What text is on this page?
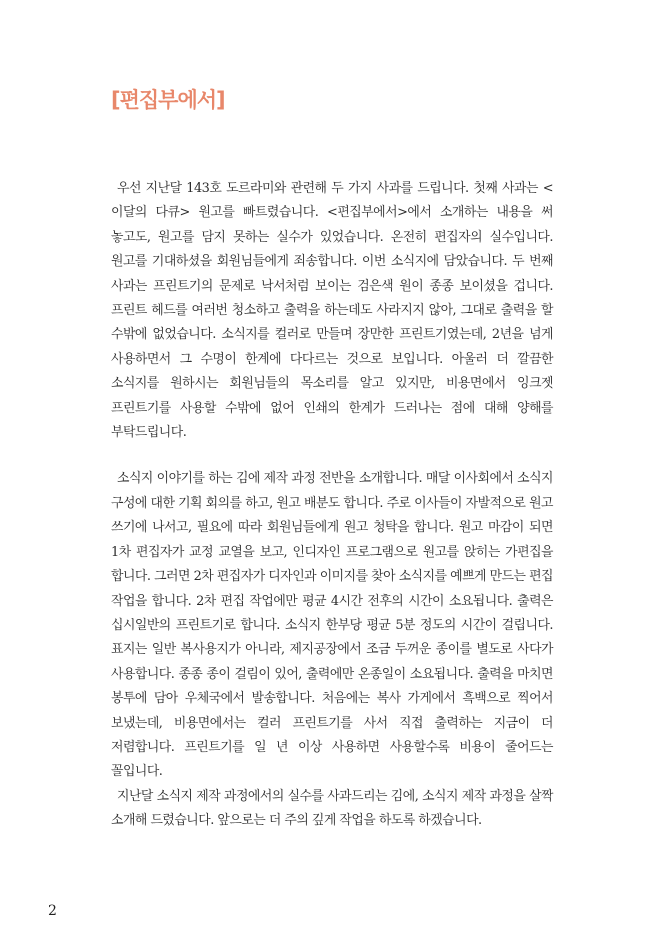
[편집부에서]

우선 지난달 143호 도르라미와 관련해 두 가지 사과를 드립니다. 첫째 사과는 <이달의 다큐> 원고를 빠트렸습니다. <편집부에서>에서 소개하는 내용을 써 놓고도, 원고를 담지 못하는 실수가 있었습니다. 온전히 편집자의 실수입니다. 원고를 기대하셨을 회원님들에게 죄송합니다. 이번 소식지에 담았습니다. 두 번째 사과는 프린트기의 문제로 낙서처럼 보이는 검은색 원이 종종 보이셨을 겁니다. 프린트 헤드를 여러번 청소하고 출력을 하는데도 사라지지 않아, 그대로 출력을 할 수밖에 없었습니다. 소식지를 컬러로 만들며 장만한 프린트기였는데, 2년을 넘게 사용하면서 그 수명이 한계에 다다르는 것으로 보입니다. 아울러 더 깔끔한 소식지를 원하시는 회원님들의 목소리를 알고 있지만, 비용면에서 잉크젯 프린트기를 사용할 수밖에 없어 인쇄의 한계가 드러나는 점에 대해 양해를 부탁드립니다.

소식지 이야기를 하는 김에 제작 과정 전반을 소개합니다. 매달 이사회에서 소식지 구성에 대한 기획 회의를 하고, 원고 배분도 합니다. 주로 이사들이 자발적으로 원고 쓰기에 나서고, 필요에 따라 회원님들에게 원고 청탁을 합니다. 원고 마감이 되면 1차 편집자가 교정 교열을 보고, 인디자인 프로그램으로 원고를 앉히는 가편집을 합니다. 그러면 2차 편집자가 디자인과 이미지를 찾아 소식지를 예쁘게 만드는 편집 작업을 합니다. 2차 편집 작업에만 평균 4시간 전후의 시간이 소요됩니다. 출력은 십시일반의 프린트기로 합니다. 소식지 한부당 평균 5분 정도의 시간이 걸립니다. 표지는 일반 복사용지가 아니라, 제지공장에서 조금 두꺼운 종이를 별도로 사다가 사용합니다. 종종 종이 걸림이 있어, 출력에만 온종일이 소요됩니다. 출력을 마치면 봉투에 담아 우체국에서 발송합니다. 처음에는 복사 가게에서 흑백으로 찍어서 보냈는데, 비용면에서는 컬러 프린트기를 사서 직접 출력하는 지금이 더 저렴합니다. 프린트기를 일 년 이상 사용하면 사용할수록 비용이 줄어드는 꼴입니다.

지난달 소식지 제작 과정에서의 실수를 사과드리는 김에, 소식지 제작 과정을 살짝 소개해 드렸습니다. 앞으로는 더 주의 깊게 작업을 하도록 하겠습니다.

2
